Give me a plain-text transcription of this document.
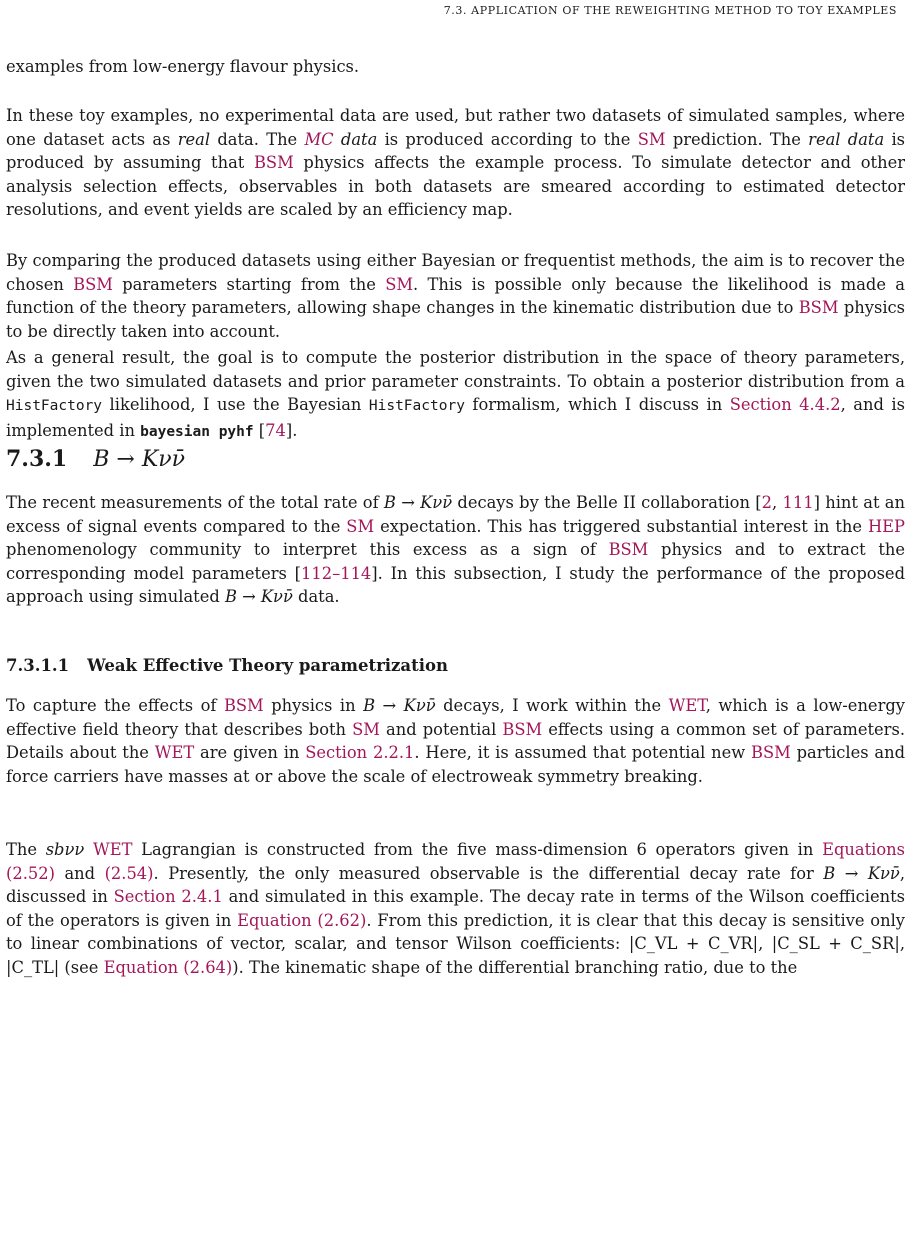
7.3. APPLICATION OF THE REWEIGHTING METHOD TO TOY EXAMPLES

examples from low-energy flavour physics.

In these toy examples, no experimental data are used, but rather two datasets of simulated samples, where one dataset acts as real data. The MC data is produced according to the SM prediction. The real data is produced by assuming that BSM physics affects the example process. To simulate detector and other analysis selection effects, observables in both datasets are smeared according to estimated detector resolutions, and event yields are scaled by an efficiency map.

By comparing the produced datasets using either Bayesian or frequentist methods, the aim is to recover the chosen BSM parameters starting from the SM. This is possible only because the likelihood is made a function of the theory parameters, allowing shape changes in the kinematic distribution due to BSM physics to be directly taken into account.

As a general result, the goal is to compute the posterior distribution in the space of theory parameters, given the two simulated datasets and prior parameter constraints. To obtain a posterior distribution from a HistFactory likelihood, I use the Bayesian HistFactory formalism, which I discuss in Section 4.4.2, and is implemented in bayesian pyhf [74].

7.3.1 B → Kνν̄

The recent measurements of the total rate of B → Kνν̄ decays by the Belle II collaboration [2, 111] hint at an excess of signal events compared to the SM expectation. This has triggered substantial interest in the HEP phenomenology community to interpret this excess as a sign of BSM physics and to extract the corresponding model parameters [112–114]. In this subsection, I study the performance of the proposed approach using simulated B → Kνν̄ data.

7.3.1.1 Weak Effective Theory parametrization

To capture the effects of BSM physics in B → Kνν̄ decays, I work within the WET, which is a low-energy effective field theory that describes both SM and potential BSM effects using a common set of parameters. Details about the WET are given in Section 2.2.1. Here, it is assumed that potential new BSM particles and force carriers have masses at or above the scale of electroweak symmetry breaking.

The sbνν WET Lagrangian is constructed from the five mass-dimension 6 operators given in Equations (2.52) and (2.54). Presently, the only measured observable is the differential decay rate for B → Kνν̄, discussed in Section 2.4.1 and simulated in this example. The decay rate in terms of the Wilson coefficients of the operators is given in Equation (2.62). From this prediction, it is clear that this decay is sensitive only to linear combinations of vector, scalar, and tensor Wilson coefficients: |C_VL + C_VR|, |C_SL + C_SR|, |C_TL| (see Equation (2.64)). The kinematic shape of the differential branching ratio, due to the
